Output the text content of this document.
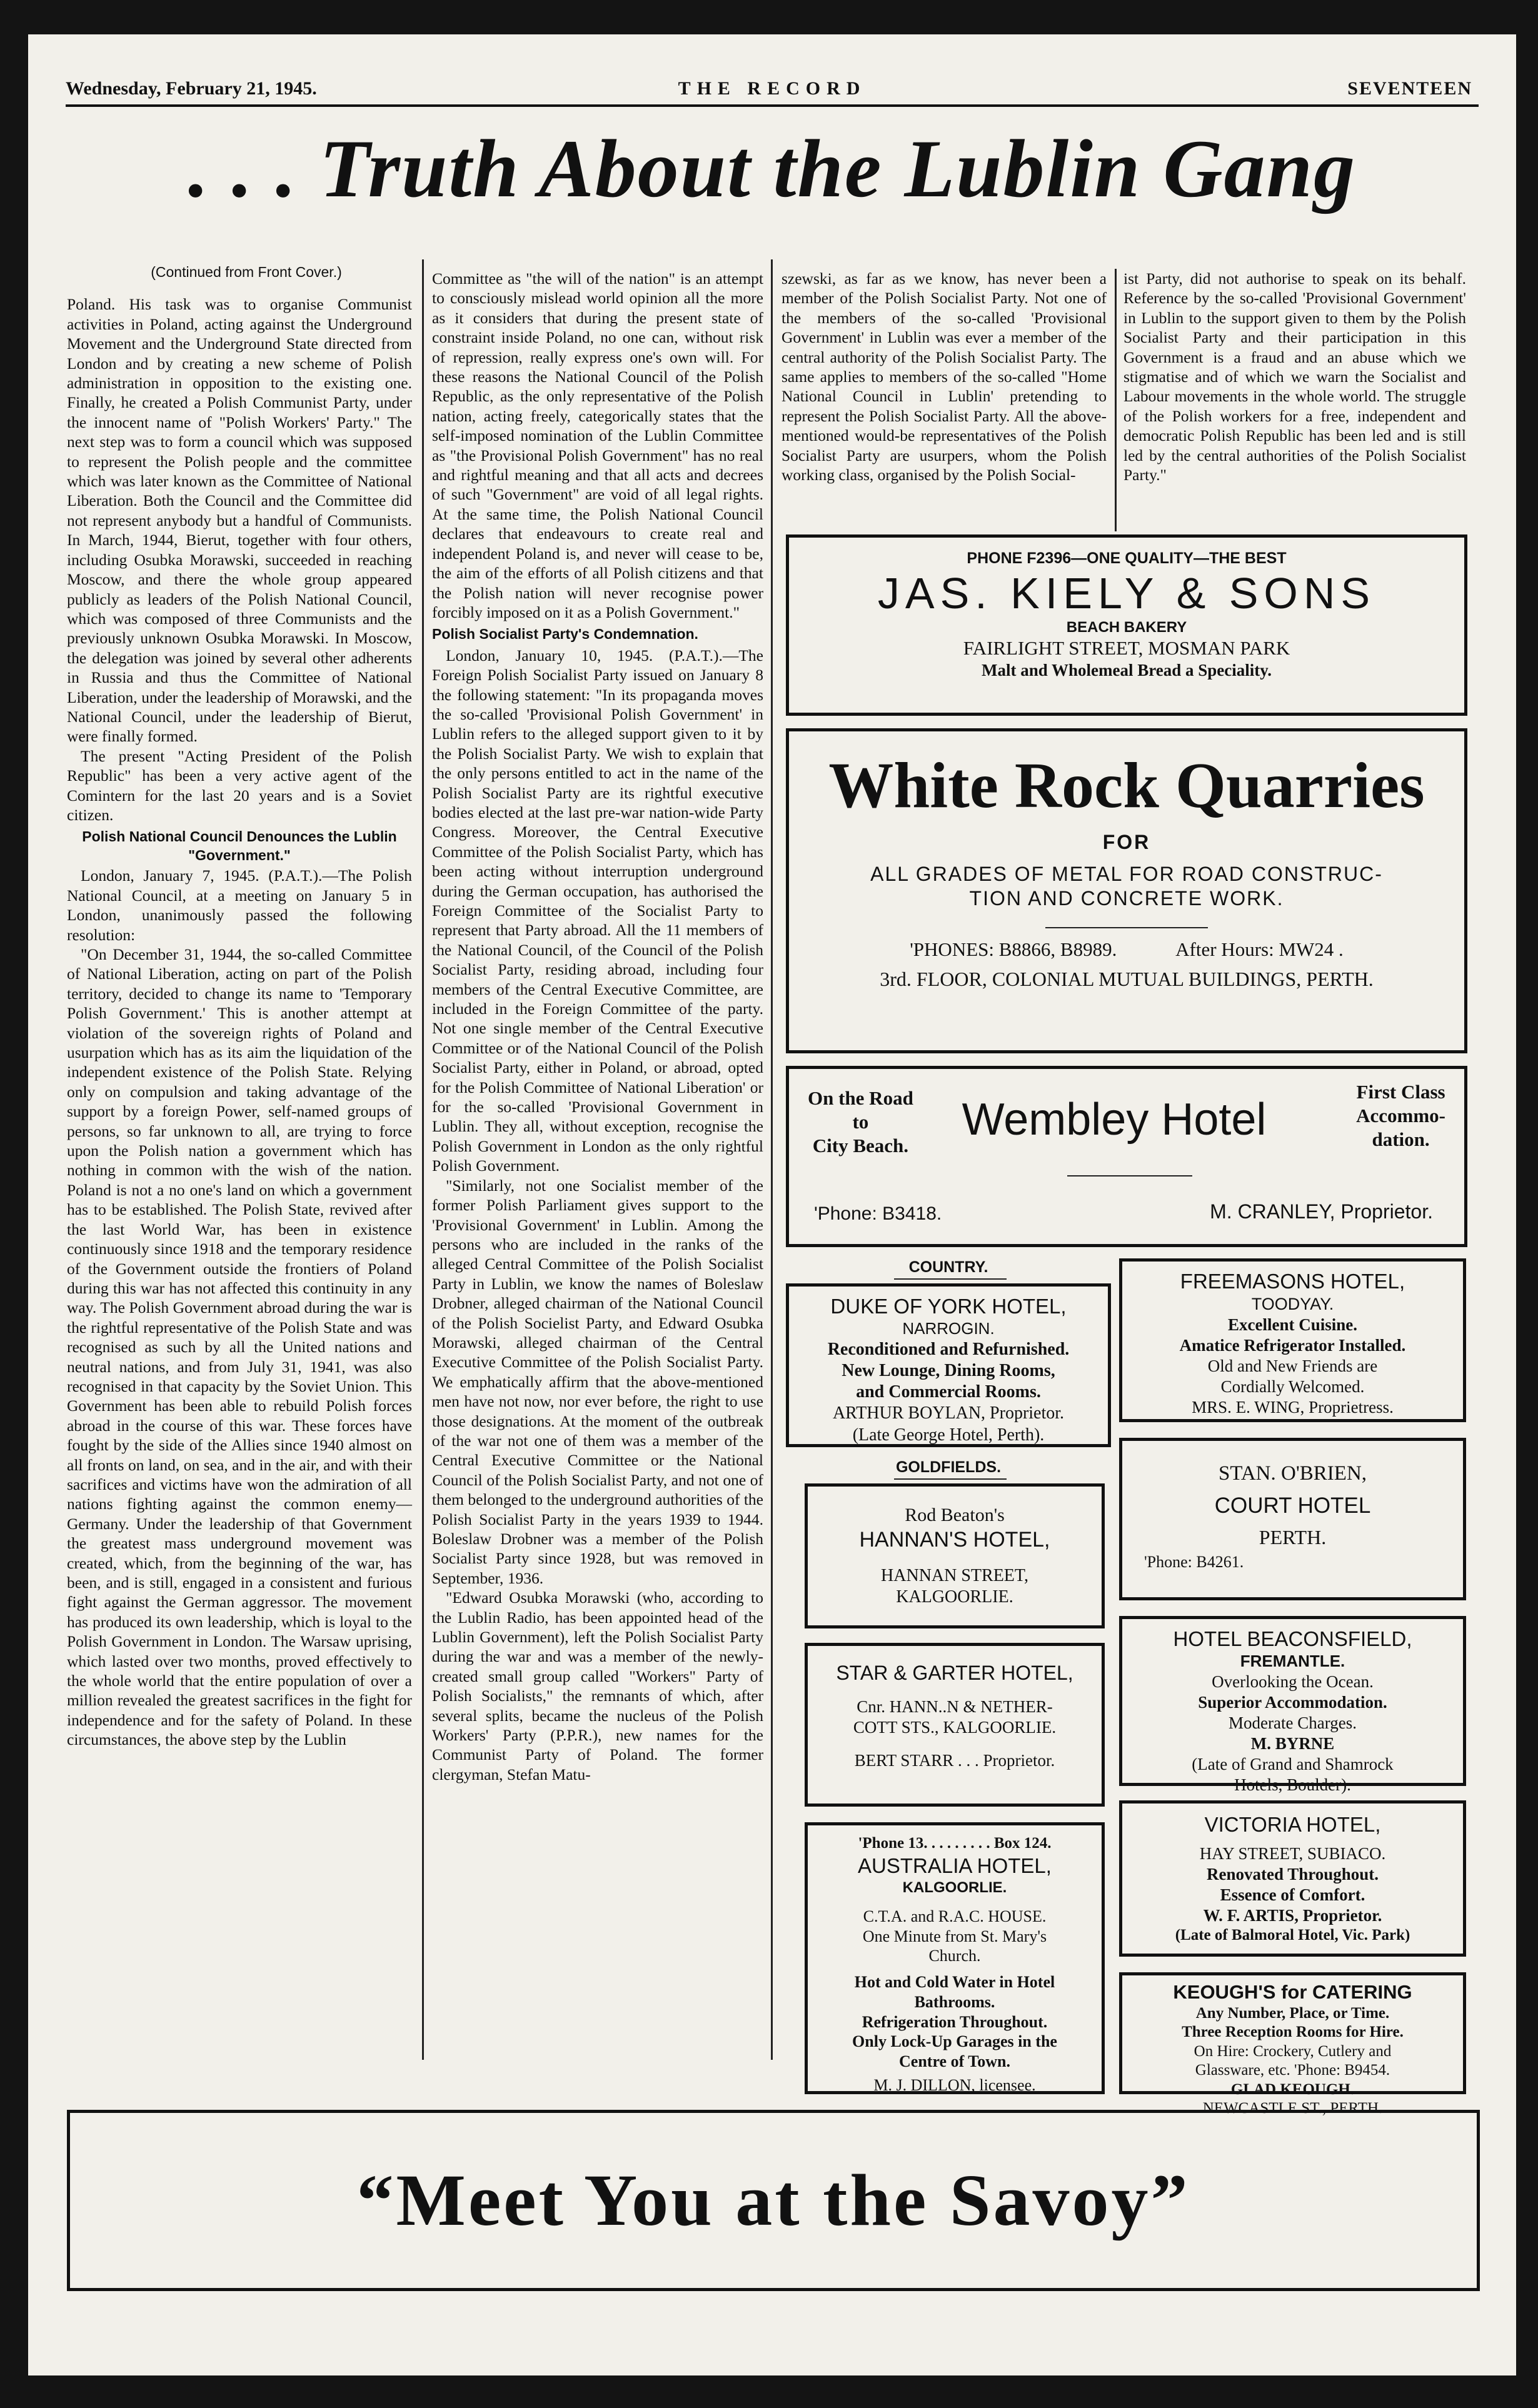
Wednesday, February 21, 1945.	THE RECORD	SEVENTEEN
. . . Truth About the Lublin Gang

(Continued from Front Cover.)

Poland. His task was to organise Communist activities in Poland, acting against the Underground Movement and the Underground State directed from London and by creating a new scheme of Polish administration in opposition to the existing one. Finally, he created a Polish Communist Party, under the innocent name of "Polish Workers' Party." The next step was to form a council which was supposed to represent the Polish people and the committee which was later known as the Committee of National Liberation. Both the Council and the Committee did not represent anybody but a handful of Communists. In March, 1944, Bierut, together with four others, including Osubka Morawski, succeeded in reaching Moscow, and there the whole group appeared publicly as leaders of the Polish National Council, which was composed of three Communists and the previously unknown Osubka Morawski. In Moscow, the delegation was joined by several other adherents in Russia and thus the Committee of National Liberation, under the leadership of Morawski, and the National Council, under the leadership of Bierut, were finally formed.

The present "Acting President of the Polish Republic" has been a very active agent of the Comintern for the last 20 years and is a Soviet citizen.

Polish National Council Denounces the Lublin "Government."

London, January 7, 1945. (P.A.T.).—The Polish National Council, at a meeting on January 5 in London, unanimously passed the following resolution:

"On December 31, 1944, the so-called Committee of National Liberation, acting on part of the Polish territory, decided to change its name to 'Temporary Polish Government.' This is another attempt at violation of the sovereign rights of Poland and usurpation which has as its aim the liquidation of the independent existence of the Polish State. Relying only on compulsion and taking advantage of the support by a foreign Power, self-named groups of persons, so far unknown to all, are trying to force upon the Polish nation a government which has nothing in common with the wish of the nation. Poland is not a no one's land on which a government has to be established. The Polish State, revived after the last World War, has been in existence continuously since 1918 and the temporary residence of the Government outside the frontiers of Poland during this war has not affected this continuity in any way. The Polish Government abroad during the war is the rightful representative of the Polish State and was recognised as such by all the United nations and neutral nations, and from July 31, 1941, was also recognised in that capacity by the Soviet Union. This Government has been able to rebuild Polish forces abroad in the course of this war. These forces have fought by the side of the Allies since 1940 almost on all fronts on land, on sea, and in the air, and with their sacrifices and victims have won the admiration of all nations fighting against the common enemy—Germany. Under the leadership of that Government the greatest mass underground movement was created, which, from the beginning of the war, has been, and is still, engaged in a consistent and furious fight against the German aggressor. The movement has produced its own leadership, which is loyal to the Polish Government in London. The Warsaw uprising, which lasted over two months, proved effectively to the whole world that the entire population of over a million revealed the greatest sacrifices in the fight for independence and for the safety of Poland. In these circumstances, the above step by the Lublin

Committee as "the will of the nation" is an attempt to consciously mislead world opinion all the more as it considers that during the present state of constraint inside Poland, no one can, without risk of repression, really express one's own will. For these reasons the National Council of the Polish Republic, as the only representative of the Polish nation, acting freely, categorically states that the self-imposed nomination of the Lublin Committee as "the Provisional Polish Government" has no real and rightful meaning and that all acts and decrees of such "Government" are void of all legal rights. At the same time, the Polish National Council declares that endeavours to create real and independent Poland is, and never will cease to be, the aim of the efforts of all Polish citizens and that the Polish nation will never recognise power forcibly imposed on it as a Polish Government."

Polish Socialist Party's Condemnation.

London, January 10, 1945. (P.A.T.).—The Foreign Polish Socialist Party issued on January 8 the following statement: "In its propaganda moves the so-called 'Provisional Polish Government' in Lublin refers to the alleged support given to it by the Polish Socialist Party. We wish to explain that the only persons entitled to act in the name of the Polish Socialist Party are its rightful executive bodies elected at the last pre-war nation-wide Party Congress. Moreover, the Central Executive Committee of the Polish Socialist Party, which has been acting without interruption underground during the German occupation, has authorised the Foreign Committee of the Socialist Party to represent that Party abroad. All the 11 members of the National Council, of the Council of the Polish Socialist Party, residing abroad, including four members of the Central Executive Committee, are included in the Foreign Committee of the party. Not one single member of the Central Executive Committee or of the National Council of the Polish Socialist Party, either in Poland, or abroad, opted for the Polish Committee of National Liberation' or for the so-called 'Provisional Government in Lublin. They all, without exception, recognise the Polish Government in London as the only rightful Polish Government.

"Similarly, not one Socialist member of the former Polish Parliament gives support to the 'Provisional Government' in Lublin. Among the persons who are included in the ranks of the alleged Central Committee of the Polish Socialist Party in Lublin, we know the names of Boleslaw Drobner, alleged chairman of the National Council of the Polish Socielist Party, and Edward Osubka Morawski, alleged chairman of the Central Executive Committee of the Polish Socialist Party. We emphatically affirm that the above-mentioned men have not now, nor ever before, the right to use those designations. At the moment of the outbreak of the war not one of them was a member of the Central Executive Committee or the National Council of the Polish Socialist Party, and not one of them belonged to the underground authorities of the Polish Socialist Party in the years 1939 to 1944. Boleslaw Drobner was a member of the Polish Socialist Party since 1928, but was removed in September, 1936.

"Edward Osubka Morawski (who, according to the Lublin Radio, has been appointed head of the Lublin Government), left the Polish Socialist Party during the war and was a member of the newly-created small group called "Workers" Party of Polish Socialists," the remnants of which, after several splits, became the nucleus of the Polish Workers' Party (P.P.R.), new names for the Communist Party of Poland. The former clergyman, Stefan Matu-

szewski, as far as we know, has never been a member of the Polish Socialist Party. Not one of the members of the so-called 'Provisional Government' in Lublin was ever a member of the central authority of the Polish Socialist Party. The same applies to members of the so-called "Home National Council in Lublin' pretending to represent the Polish Socialist Party. All the above-mentioned would-be representatives of the Polish Socialist Party are usurpers, whom the Polish working class, organised by the Polish Social-

ist Party, did not authorise to speak on its behalf. Reference by the so-called 'Provisional Government' in Lublin to the support given to them by the Polish Socialist Party and their participation in this Government is a fraud and an abuse which we stigmatise and of which we warn the Socialist and Labour movements in the whole world. The struggle of the Polish workers for a free, independent and democratic Polish Republic has been led and is still led by the central authorities of the Polish Socialist Party."

PHONE F2396—ONE QUALITY—THE BEST
JAS. KIELY & SONS
BEACH BAKERY
FAIRLIGHT STREET, MOSMAN PARK
Malt and Wholemeal Bread a Speciality.
White Rock Quarries
FOR
ALL GRADES OF METAL FOR ROAD CONSTRUC-
TION AND CONCRETE WORK.
'PHONES: B8866, B8989.	After Hours: MW24 .
3rd. FLOOR, COLONIAL MUTUAL BUILDINGS, PERTH.
On the Road
to
City Beach.
Wembley Hotel
First Class
Accommo-
dation.
'Phone: B3418.	M. CRANLEY, Proprietor.
COUNTRY.
GOLDFIELDS.
DUKE OF YORK HOTEL,
NARROGIN.
Reconditioned and Refurnished.
New Lounge, Dining Rooms,
and Commercial Rooms.
ARTHUR BOYLAN, Proprietor.
(Late George Hotel, Perth).
FREEMASONS HOTEL,
TOODYAY.
Excellent Cuisine.
Amatice Refrigerator Installed.
Old and New Friends are
Cordially Welcomed.
MRS. E. WING, Proprietress.
Rod Beaton's
HANNAN'S HOTEL,
HANNAN STREET,
KALGOORLIE.
STAN. O'BRIEN,
COURT HOTEL
PERTH.
'Phone: B4261.
HOTEL BEACONSFIELD,
FREMANTLE.
Overlooking the Ocean.
Superior Accommodation.
Moderate Charges.
M. BYRNE
(Late of Grand and Shamrock
Hotels, Boulder).
STAR & GARTER HOTEL,
Cnr. HANN..N & NETHER-
COTT STS., KALGOORLIE.
BERT STARR . . . Proprietor.
VICTORIA HOTEL,
HAY STREET, SUBIACO.
Renovated Throughout.
Essence of Comfort.
W. F. ARTIS, Proprietor.
(Late of Balmoral Hotel, Vic. Park)
'Phone 13. . . . . . . . . Box 124.
AUSTRALIA HOTEL,
KALGOORLIE.
C.T.A. and R.A.C. HOUSE.
One Minute from St. Mary's
Church.
Hot and Cold Water in Hotel
Bathrooms.
Refrigeration Throughout.
Only Lock-Up Garages in the
Centre of Town.
M. J. DILLON, licensee.
KEOUGH'S for CATERING
Any Number, Place, or Time.
Three Reception Rooms for Hire.
On Hire: Crockery, Cutlery and
Glassware, etc. 'Phone: B9454.
GLAD KEOUGH.
NEWCASTLE ST., PERTH.
“Meet You at the Savoy”
